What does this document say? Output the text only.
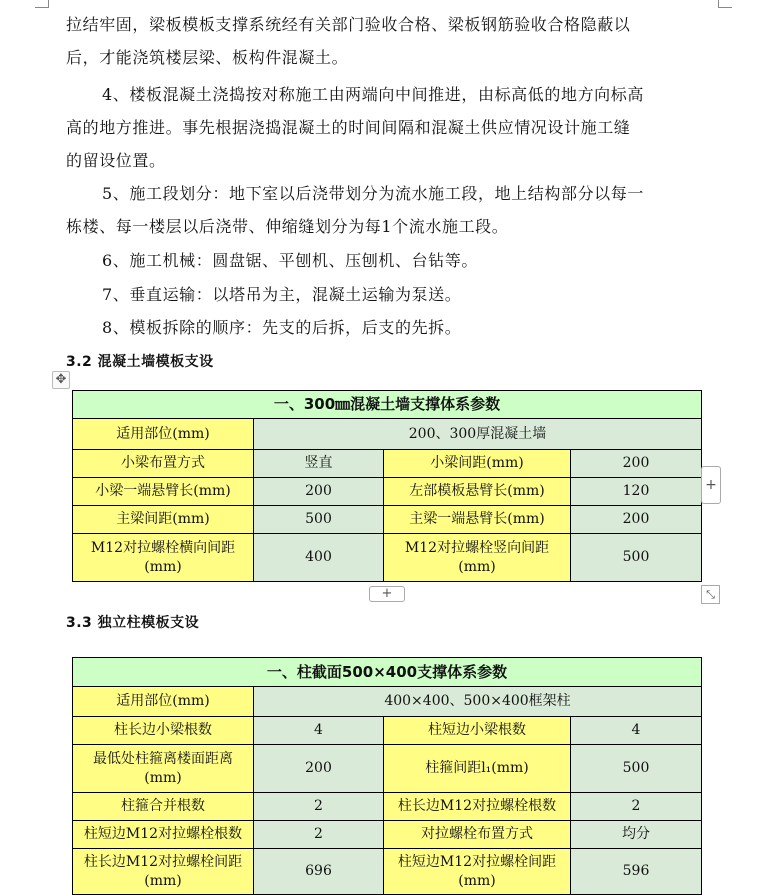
拉结牢固，梁板模板支撑系统经有关部门验收合格、梁板钢筋验收合格隐蔽以
后，才能浇筑楼层梁、板构件混凝土。
4、楼板混凝土浇捣按对称施工由两端向中间推进，由标高低的地方向标高
高的地方推进。事先根据浇捣混凝土的时间间隔和混凝土供应情况设计施工缝
的留设位置。
5、施工段划分：地下室以后浇带划分为流水施工段，地上结构部分以每一
栋楼、每一楼层以后浇带、伸缩缝划分为每1个流水施工段。
6、施工机械：圆盘锯、平刨机、压刨机、台钻等。
7、垂直运输：以塔吊为主，混凝土运输为泵送。
8、模板拆除的顺序：先支的后拆，后支的先拆。
3.2 混凝土墙模板支设
✥
一、300㎜混凝土墙支撑体系参数			
适用部位(mm)	200、300厚混凝土墙		
小梁布置方式	竖直	小梁间距(mm)	200
小梁一端悬臂长(mm)	200	左部模板悬臂长(mm)	120
主梁间距(mm)	500	主梁一端悬臂长(mm)	200
M12对拉螺栓横向间距(mm)	400	M12对拉螺栓竖向间距(mm)	500
+
+	⤡
3.3 独立柱模板支设
一、柱截面500×400支撑体系参数			
适用部位(mm)	400×400、500×400框架柱		
柱长边小梁根数	4	柱短边小梁根数	4
最低处柱箍离楼面距离(mm)	200	柱箍间距l₁(mm)	500
柱箍合并根数	2	柱长边M12对拉螺栓根数	2
柱短边M12对拉螺栓根数	2	对拉螺栓布置方式	均分
柱长边M12对拉螺栓间距(mm)	696	柱短边M12对拉螺栓间距(mm)	596
